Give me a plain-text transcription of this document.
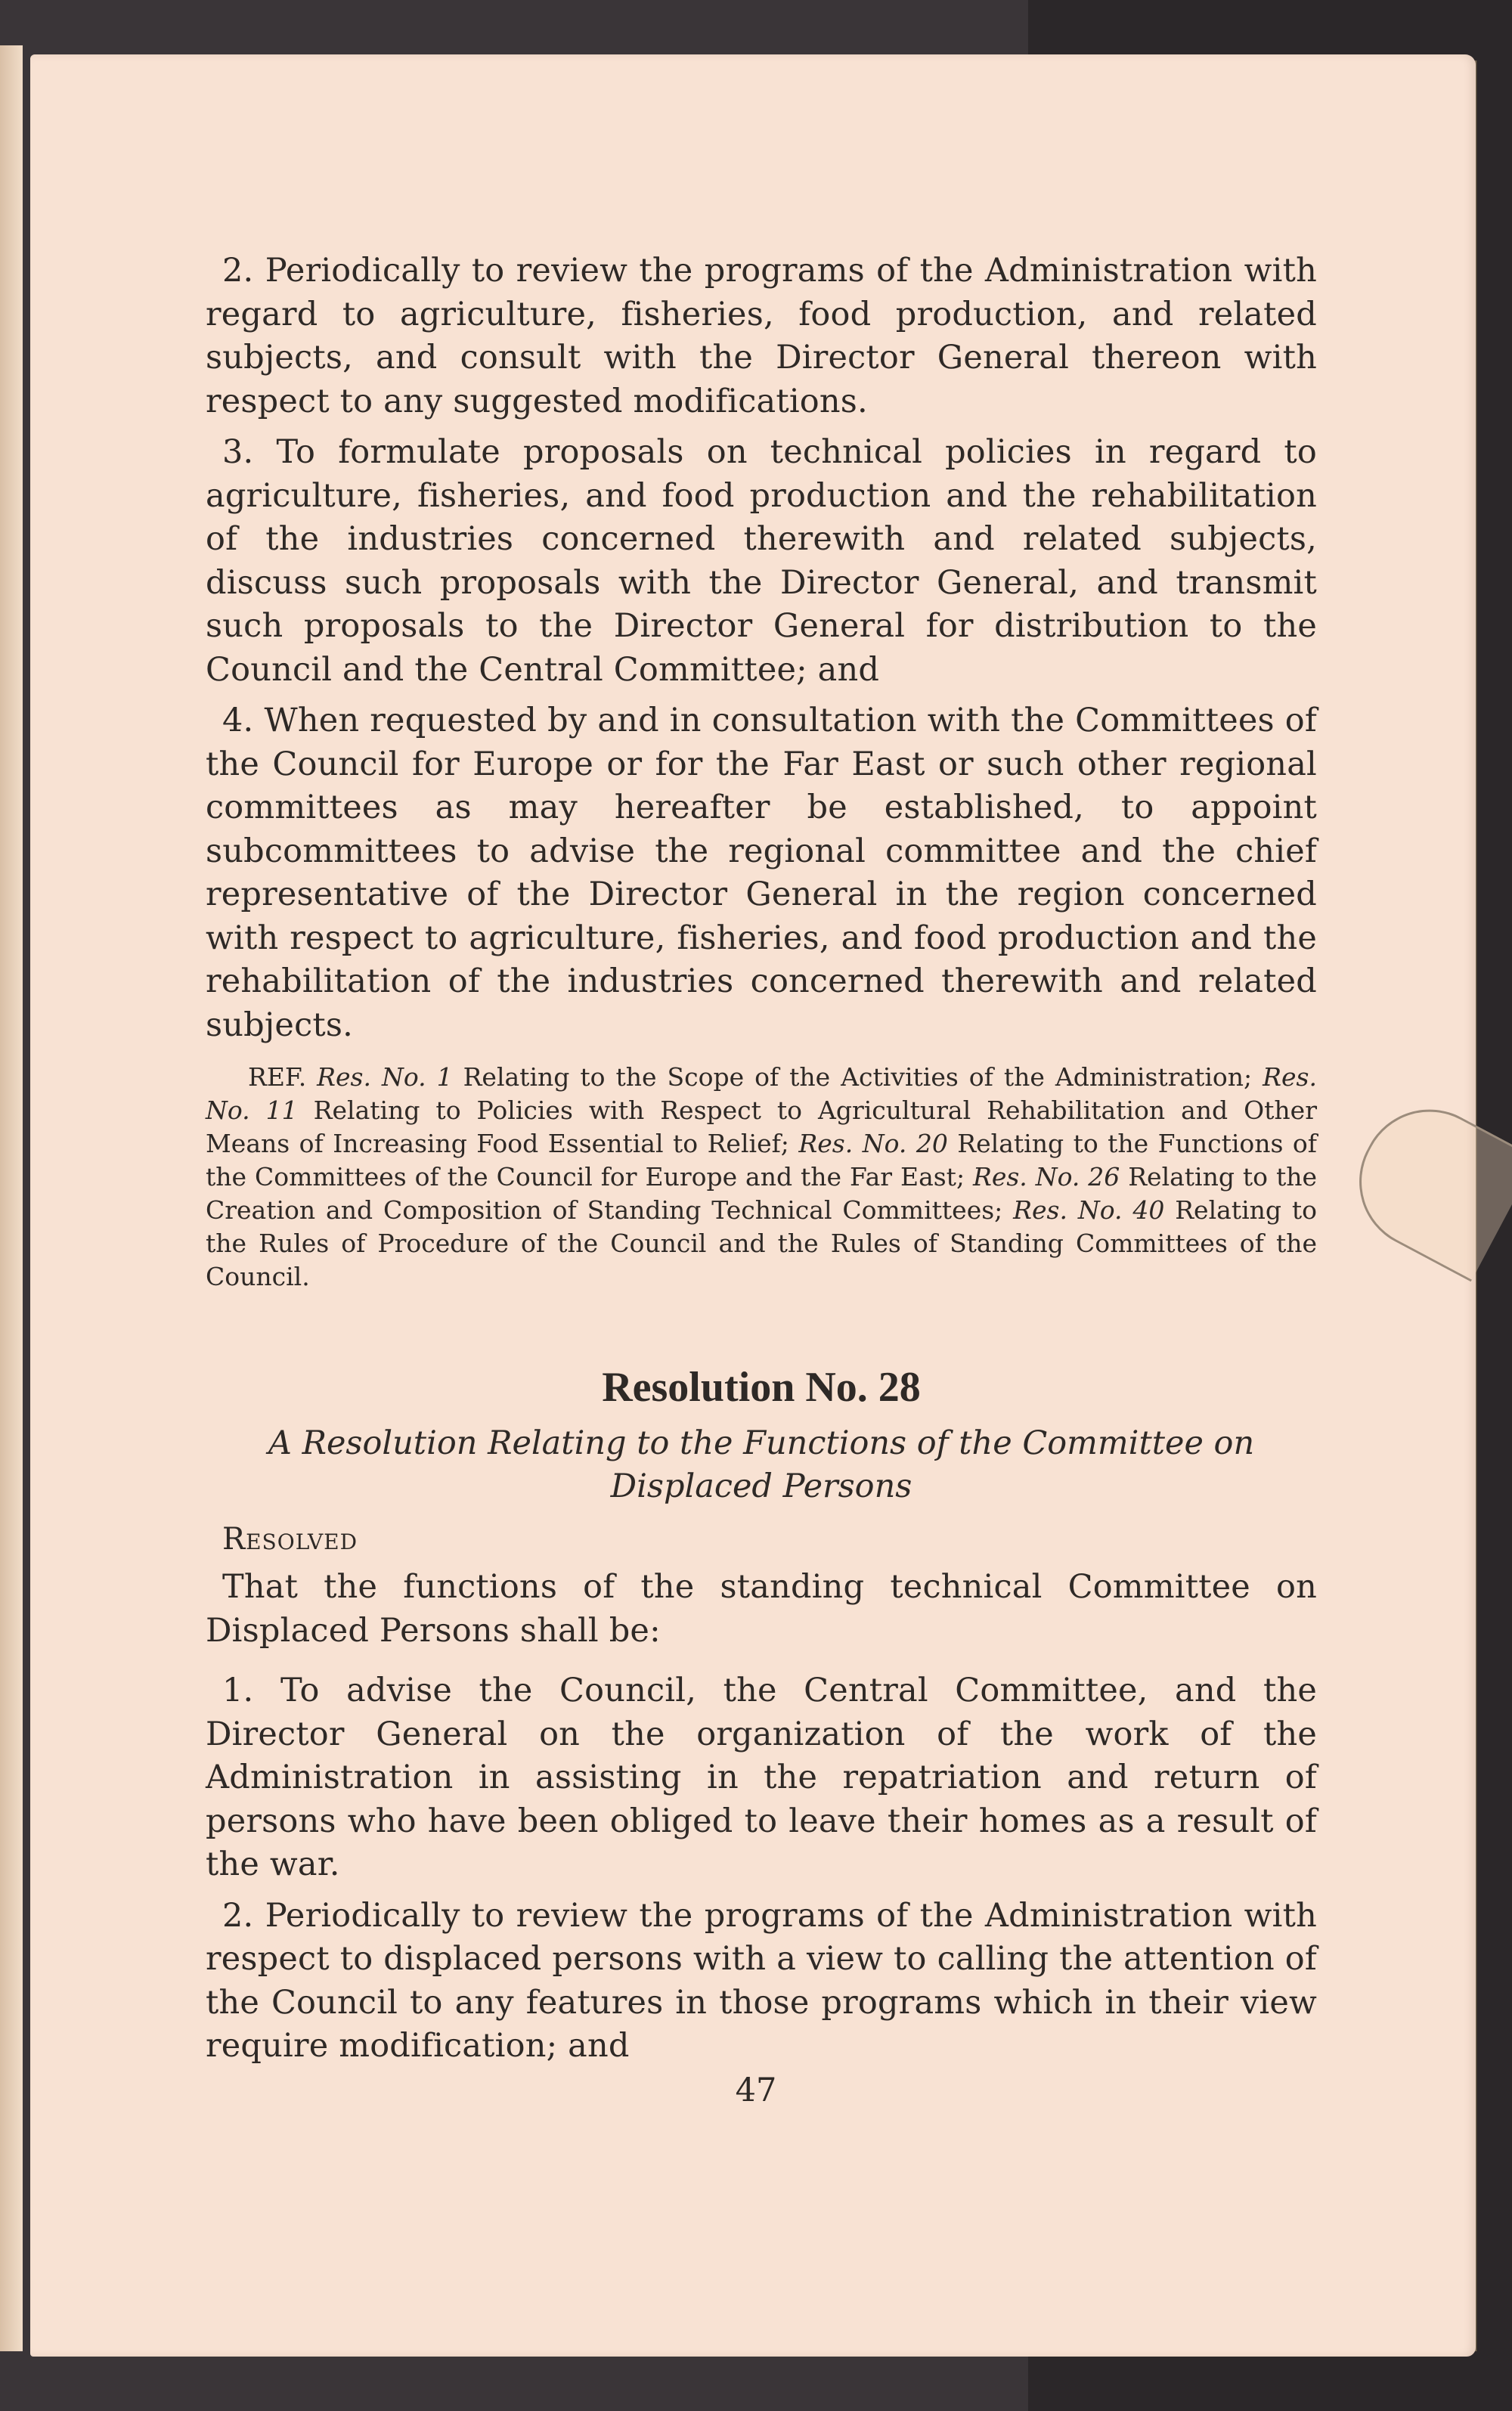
2. Periodically to review the programs of the Administration with regard to agriculture, fisheries, food production, and related subjects, and consult with the Director General thereon with respect to any suggested modifications.

3. To formulate proposals on technical policies in regard to agriculture, fisheries, and food production and the rehabilitation of the industries concerned therewith and related subjects, discuss such proposals with the Director General, and transmit such proposals to the Director General for distribution to the Council and the Central Committee; and

4. When requested by and in consultation with the Committees of the Council for Europe or for the Far East or such other regional committees as may hereafter be established, to appoint subcommittees to advise the regional committee and the chief representative of the Director General in the region concerned with respect to agriculture, fisheries, and food production and the rehabilitation of the industries concerned therewith and related subjects.

REF. Res. No. 1 Relating to the Scope of the Activities of the Administration; Res. No. 11 Relating to Policies with Respect to Agricultural Rehabilitation and Other Means of Increasing Food Essential to Relief; Res. No. 20 Relating to the Functions of the Committees of the Council for Europe and the Far East; Res. No. 26 Relating to the Creation and Composition of Standing Technical Committees; Res. No. 40 Relating to the Rules of Procedure of the Council and the Rules of Standing Committees of the Council.

Resolution No. 28
A Resolution Relating to the Functions of the Committee on Displaced Persons
Resolved

That the functions of the standing technical Committee on Displaced Persons shall be:

1. To advise the Council, the Central Committee, and the Director General on the organization of the work of the Administration in assisting in the repatriation and return of persons who have been obliged to leave their homes as a result of the war.

2. Periodically to review the programs of the Administration with respect to displaced persons with a view to calling the attention of the Council to any features in those programs which in their view require modification; and

47
